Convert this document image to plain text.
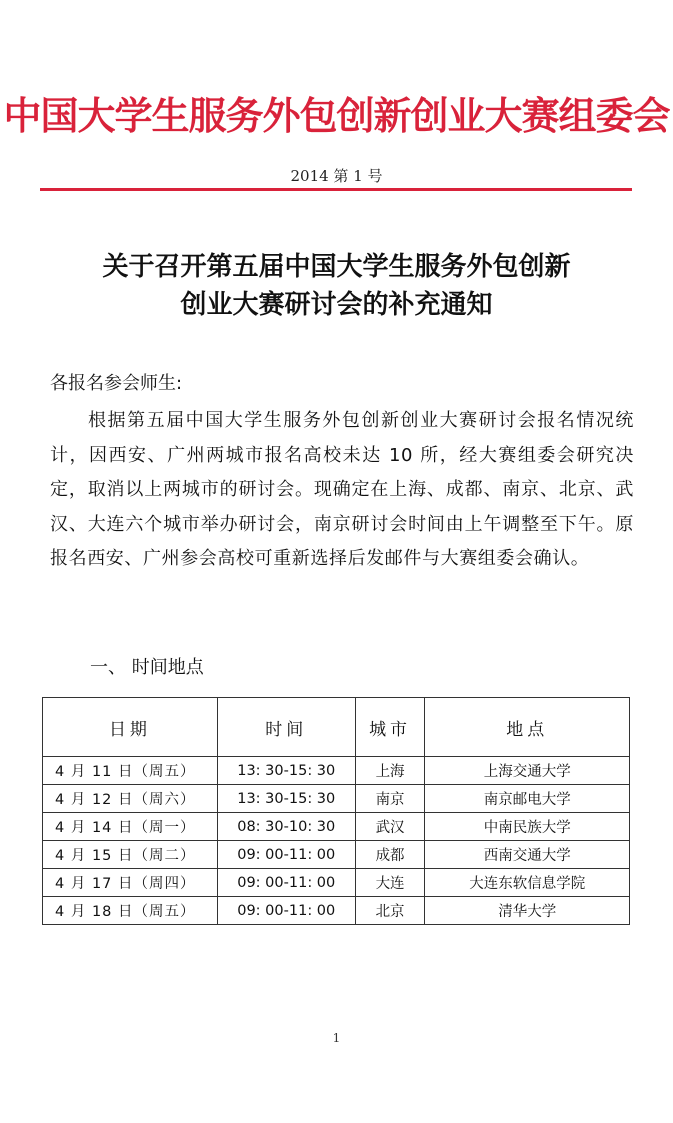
中国大学生服务外包创新创业大赛组委会
2014 第 1 号
关于召开第五届中国大学生服务外包创新
创业大赛研讨会的补充通知
各报名参会师生:
根据第五届中国大学生服务外包创新创业大赛研讨会报名情况统计，因西安、广州两城市报名高校未达 10 所，经大赛组委会研究决定，取消以上两城市的研讨会。现确定在上海、成都、南京、北京、武汉、大连六个城市举办研讨会，南京研讨会时间由上午调整至下午。原报名西安、广州参会高校可重新选择后发邮件与大赛组委会确认。
一、 时间地点
日期	时间	城市	地点
4 月 11 日（周五）	13: 30-15: 30	上海	上海交通大学
4 月 12 日（周六）	13: 30-15: 30	南京	南京邮电大学
4 月 14 日（周一）	08: 30-10: 30	武汉	中南民族大学
4 月 15 日（周二）	09: 00-11: 00	成都	西南交通大学
4 月 17 日（周四）	09: 00-11: 00	大连	大连东软信息学院
4 月 18 日（周五）	09: 00-11: 00	北京	清华大学
1
